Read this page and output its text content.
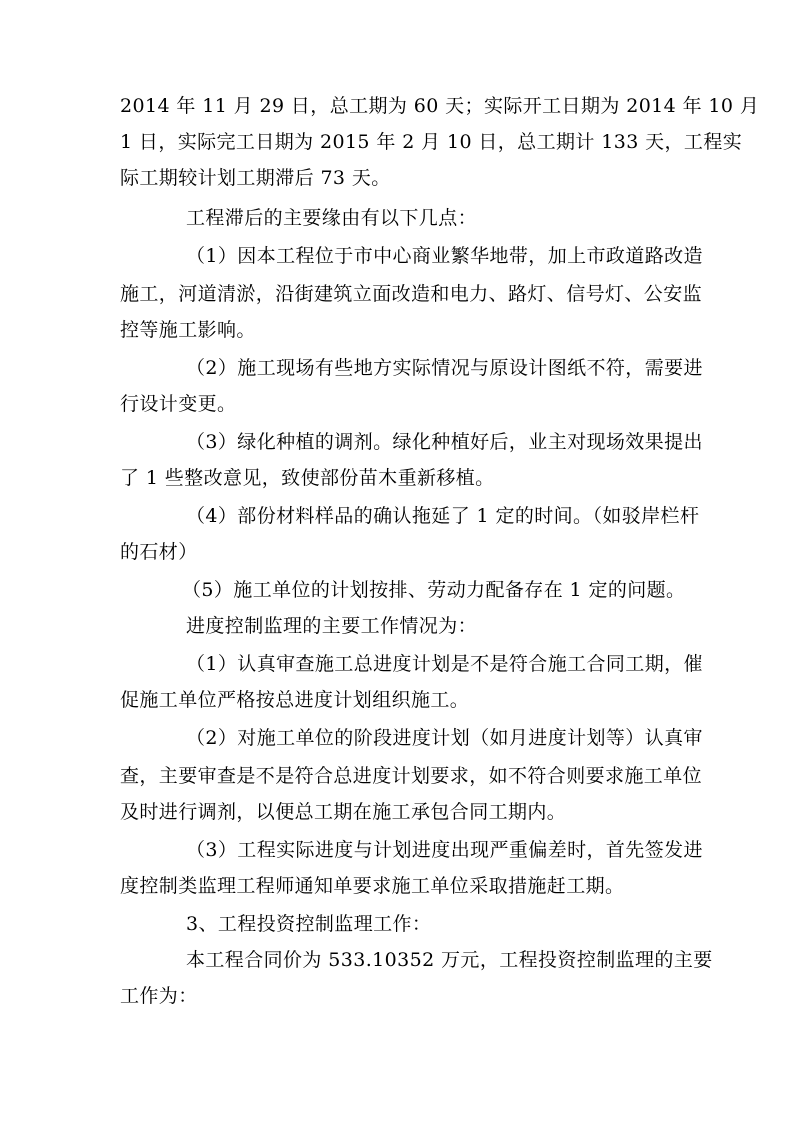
2014 年 11 月 29 日，总工期为 60 天；实际开工日期为 2014 年 10 月
1 日，实际完工日期为 2015 年 2 月 10 日，总工期计 133 天，工程实
际工期较计划工期滞后 73 天。
工程滞后的主要缘由有以下几点：
（1）因本工程位于市中心商业繁华地带，加上市政道路改造
施工，河道清淤，沿街建筑立面改造和电力、路灯、信号灯、公安监
控等施工影响。
（2）施工现场有些地方实际情况与原设计图纸不符，需要进
行设计变更。
（3）绿化种植的调剂。绿化种植好后，业主对现场效果提出
了 1 些整改意见，致使部份苗木重新移植。
（4）部份材料样品的确认拖延了 1 定的时间。（如驳岸栏杆
的石材）
（5）施工单位的计划按排、劳动力配备存在 1 定的问题。
进度控制监理的主要工作情况为：
（1）认真审查施工总进度计划是不是符合施工合同工期，催
促施工单位严格按总进度计划组织施工。
（2）对施工单位的阶段进度计划（如月进度计划等）认真审
查，主要审查是不是符合总进度计划要求，如不符合则要求施工单位
及时进行调剂，以便总工期在施工承包合同工期内。
（3）工程实际进度与计划进度出现严重偏差时，首先签发进
度控制类监理工程师通知单要求施工单位采取措施赶工期。
3、工程投资控制监理工作：
本工程合同价为 533.10352 万元，工程投资控制监理的主要
工作为：
